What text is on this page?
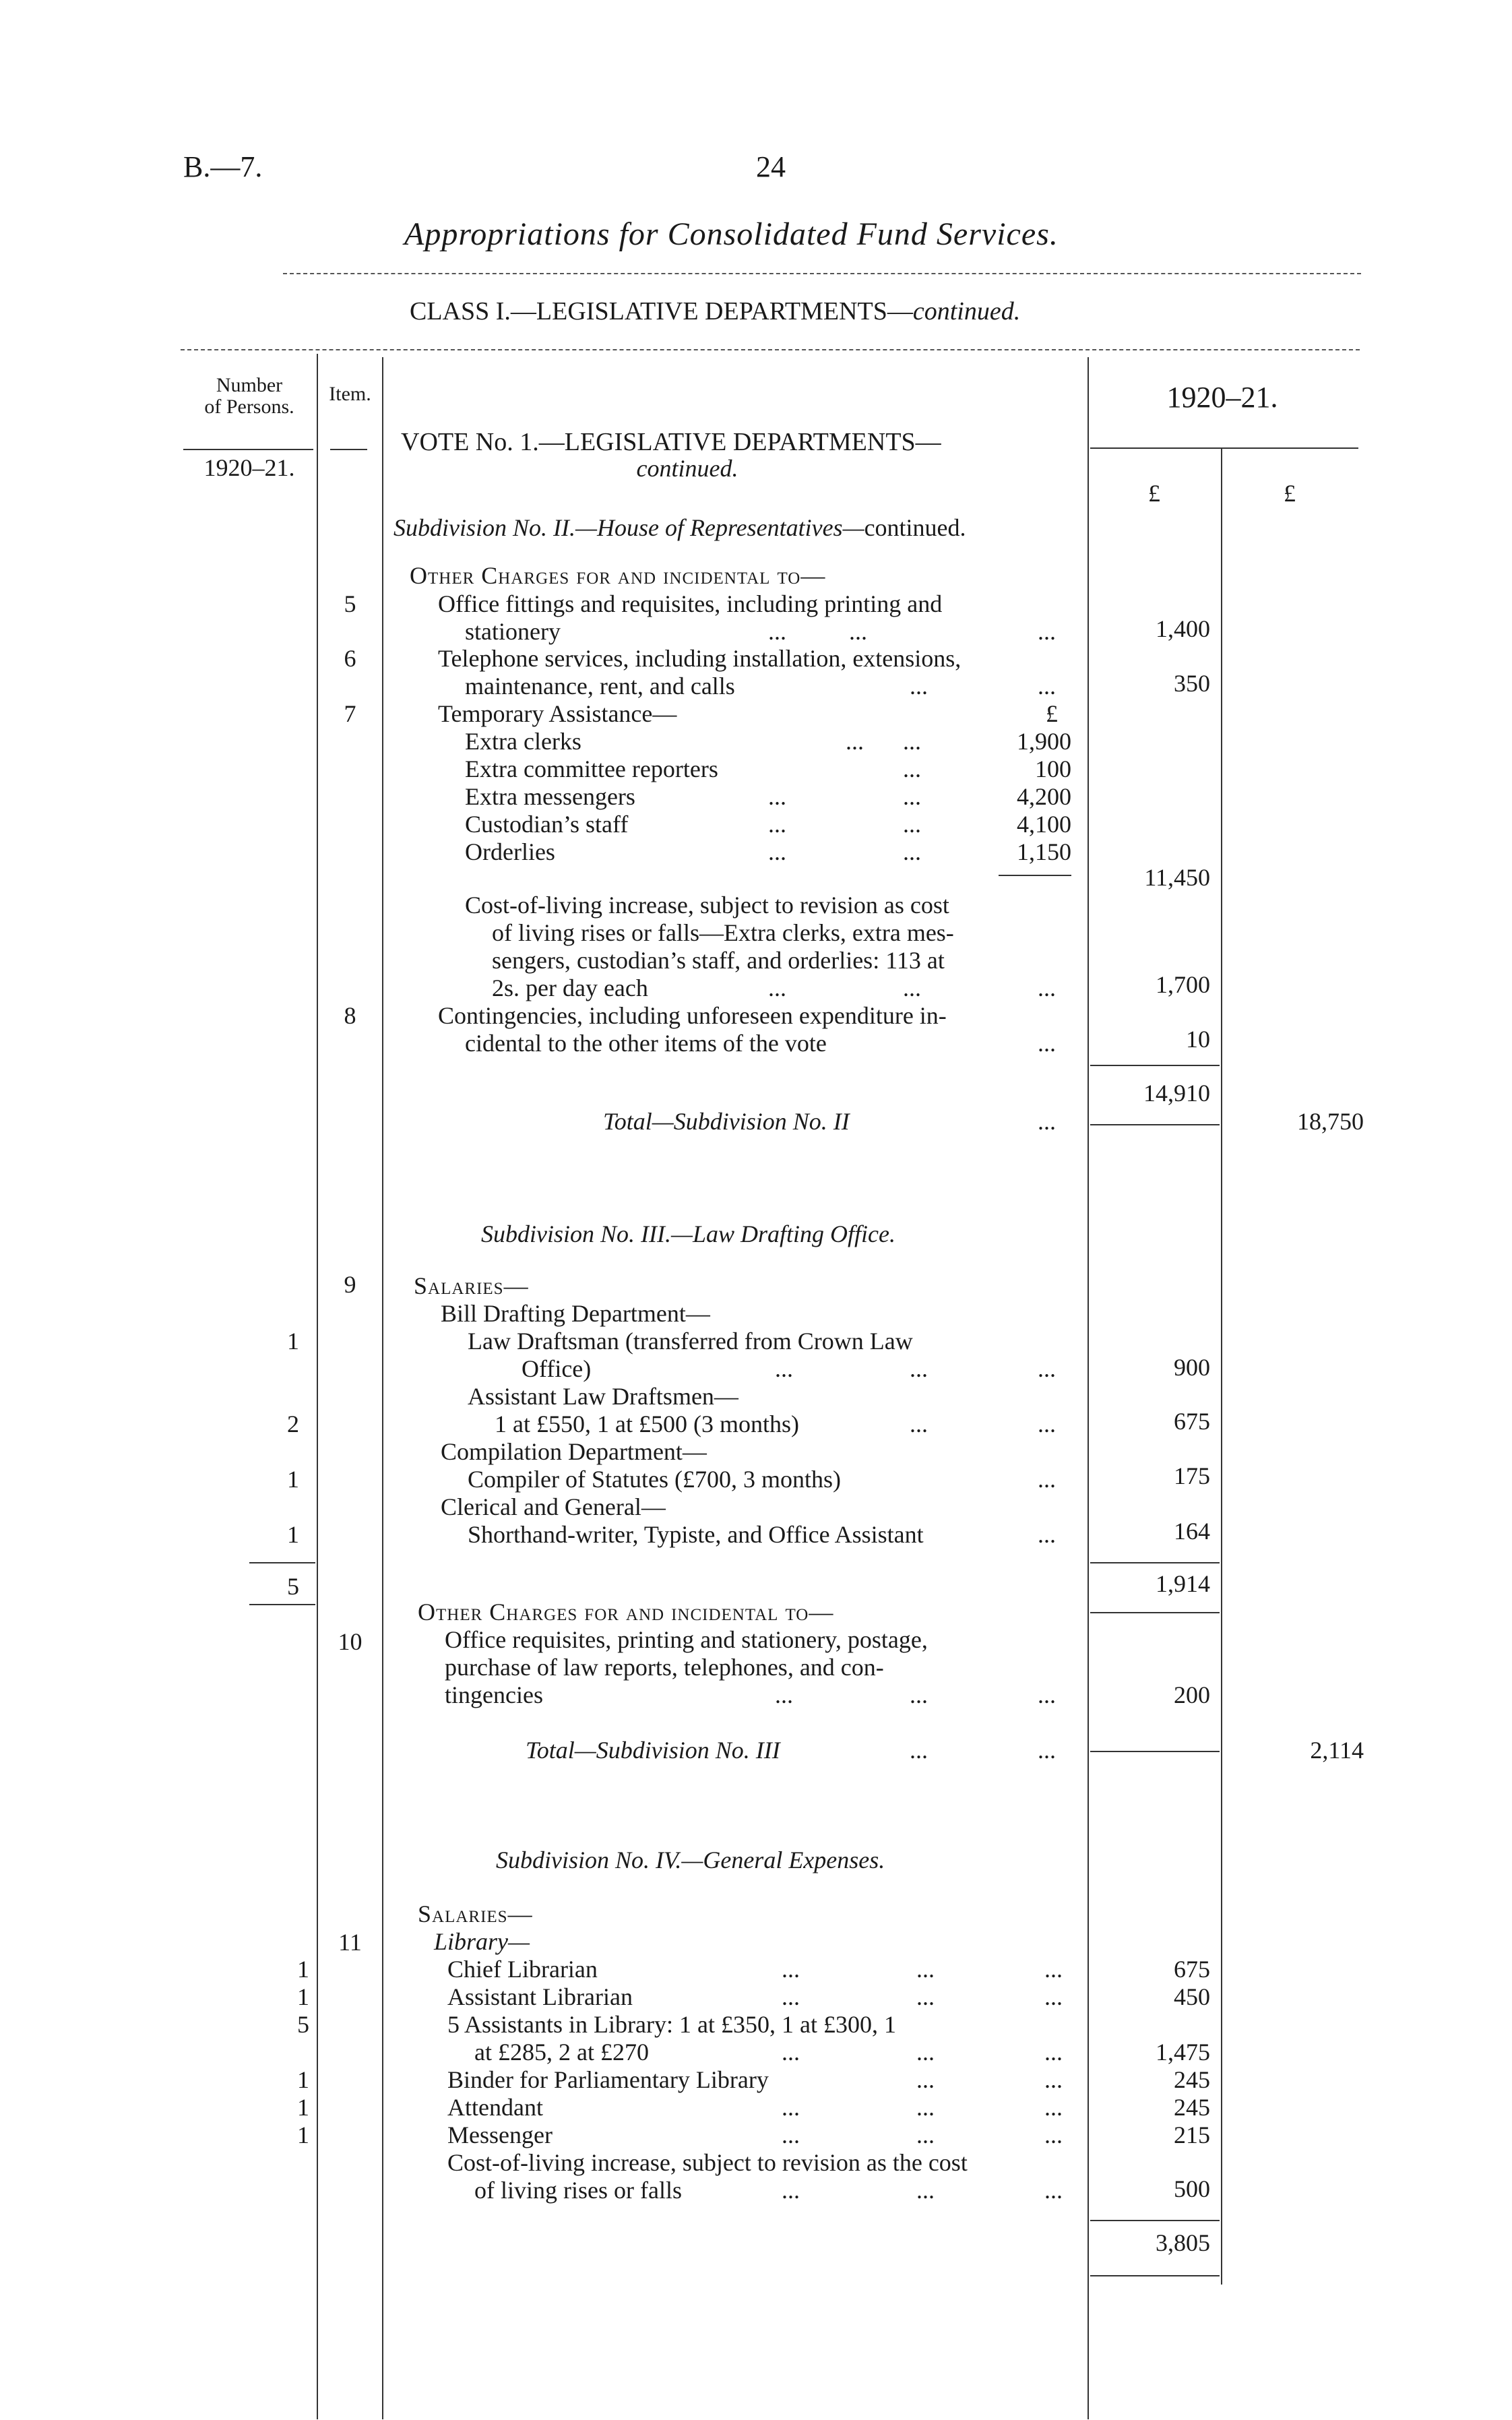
B.—7.	24
Appropriations for Consolidated Fund Services.
CLASS I.—LEGISLATIVE DEPARTMENTS—continued.
Number
of Persons.
Item.	1920–21.
1920–21.
£	£
VOTE No. 1.—LEGISLATIVE DEPARTMENTS—
continued.
Subdivision No. II.—House of Representatives—continued.
Other Charges for and incidental to—
5	Office fittings and requisites, including printing and
stationery	...	...	...	1,400
6	Telephone services, including installation, extensions,
maintenance, rent, and calls	...	...	350
7	Temporary Assistance—	£
Extra clerks	... ...	1,900
Extra committee reporters	...	100
Extra messengers	...	...	4,200
Custodian’s staff	...	...	4,100
Orderlies	...	...	1,150
11,450
Cost-of-living increase, subject to revision as cost
of living rises or falls—Extra clerks, extra mes-
sengers, custodian’s staff, and orderlies: 113 at
2s. per day each	...	...	...	1,700
8	Contingencies, including unforeseen expenditure in-
cidental to the other items of the vote	...	10
14,910
Total—Subdivision No. II	...	18,750
Subdivision No. III.—Law Drafting Office.
9	Salaries—
Bill Drafting Department—
1	Law Draftsman (transferred from Crown Law
Office)	...	...	...	900
Assistant Law Draftsmen—
2	1 at £550, 1 at £500 (3 months)	...	...	675
Compilation Department—
1	Compiler of Statutes (£700, 3 months)	...	175
Clerical and General—
1	Shorthand-writer, Typiste, and Office Assistant	...	164
5	1,914
Other Charges for and incidental to—
10	Office requisites, printing and stationery, postage,
purchase of law reports, telephones, and con-
tingencies	...	...	...	200
Total—Subdivision No. III	...	...	2,114
Subdivision No. IV.—General Expenses.
Salaries—
11	Library—
1	Chief Librarian	...	...	...	675
1	Assistant Librarian	...	...	...	450
5	5 Assistants in Library: 1 at £350, 1 at £300, 1
at £285, 2 at £270	...	...	...	1,475
1	Binder for Parliamentary Library	...	...	245
1	Attendant	...	...	...	245
1	Messenger	...	...	...	215
Cost-of-living increase, subject to revision as the cost
of living rises or falls	...	...	...	500
3,805
